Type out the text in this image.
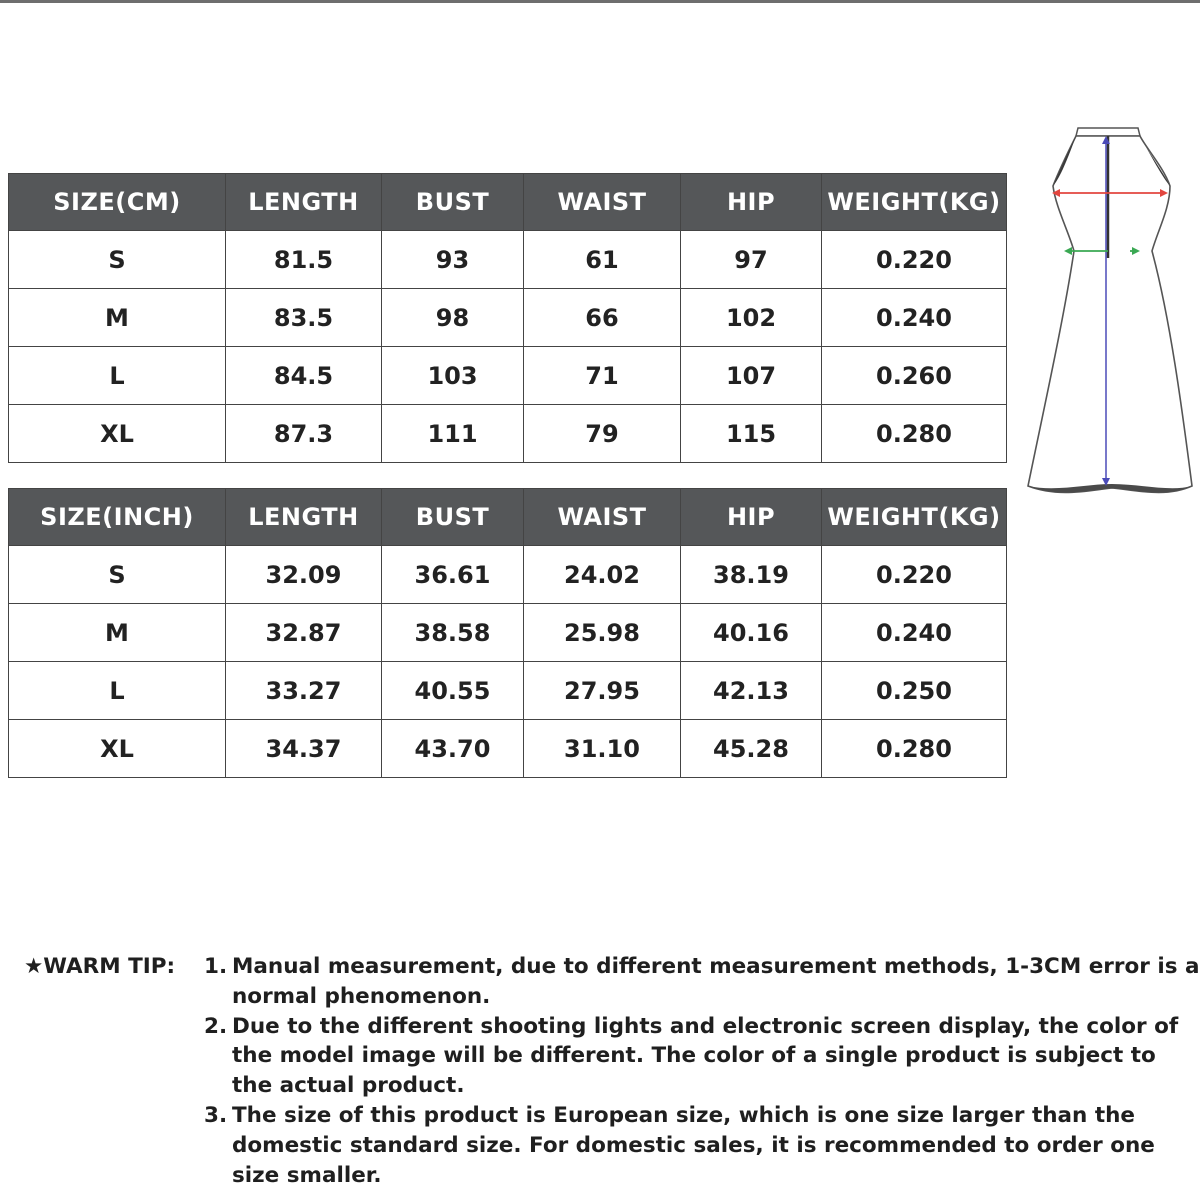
SIZE(CM)	LENGTH	BUST	WAIST	HIP	WEIGHT(KG)
S	81.5	93	61	97	0.220
M	83.5	98	66	102	0.240
L	84.5	103	71	107	0.260
XL	87.3	111	79	115	0.280
SIZE(INCH)	LENGTH	BUST	WAIST	HIP	WEIGHT(KG)
S	32.09	36.61	24.02	38.19	0.220
M	32.87	38.58	25.98	40.16	0.240
L	33.27	40.55	27.95	42.13	0.250
XL	34.37	43.70	31.10	45.28	0.280
★WARM TIP: 1. Manual measurement, due to different measurement methods, 1-3CM error is a normal phenomenon.
2. Due to the different shooting lights and electronic screen display, the color of the model image will be different. The color of a single product is subject to the actual product.
3. The size of this product is European size, which is one size larger than the domestic standard size. For domestic sales, it is recommended to order one size smaller.
